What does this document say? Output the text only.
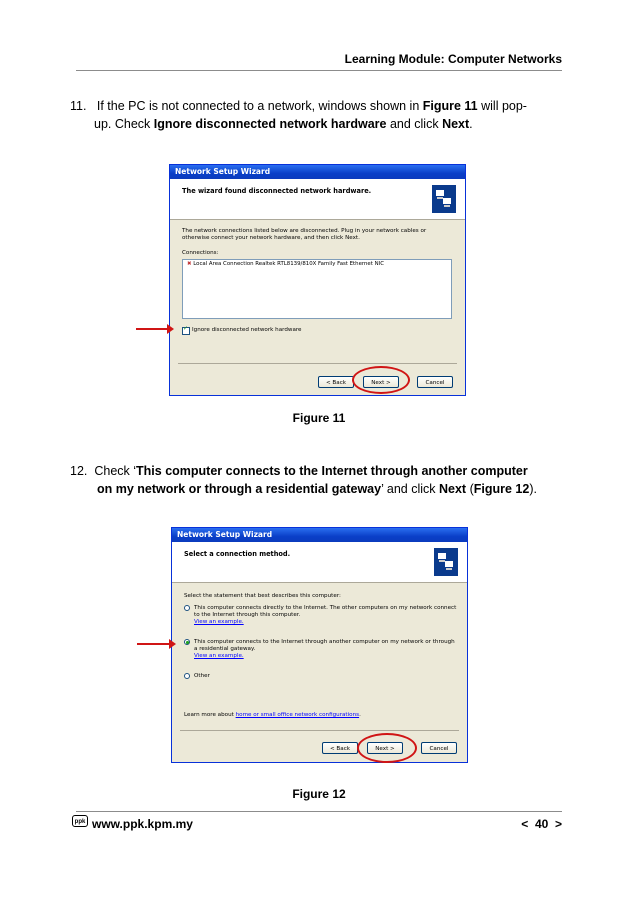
Learning Module: Computer Networks
11. If the PC is not connected to a network, windows shown in Figure 11 will pop-
up. Check Ignore disconnected network hardware and click Next.
Network Setup Wizard
The wizard found disconnected network hardware.
The network connections listed below are disconnected. Plug in your network cables or
otherwise connect your network hardware, and then click Next.
Connections:
✖ Local Area Connection Realtek RTL8139/810X Family Fast Ethernet NIC
✓
Ignore disconnected network hardware
< Back	Next >	Cancel
Figure 11
12. Check ‘This computer connects to the Internet through another computer
on my network or through a residential gateway’ and click Next (Figure 12).
Network Setup Wizard
Select a connection method.
Select the statement that best describes this computer:
This computer connects directly to the Internet. The other computers on my network connect
to the Internet through this computer.
View an example.
This computer connects to the Internet through another computer on my network or through
a residential gateway.
View an example.
Other
Learn more about home or small office network configurations.
< Back	Next >	Cancel
Figure 12
ppk www.ppk.kpm.my	< 40 >
